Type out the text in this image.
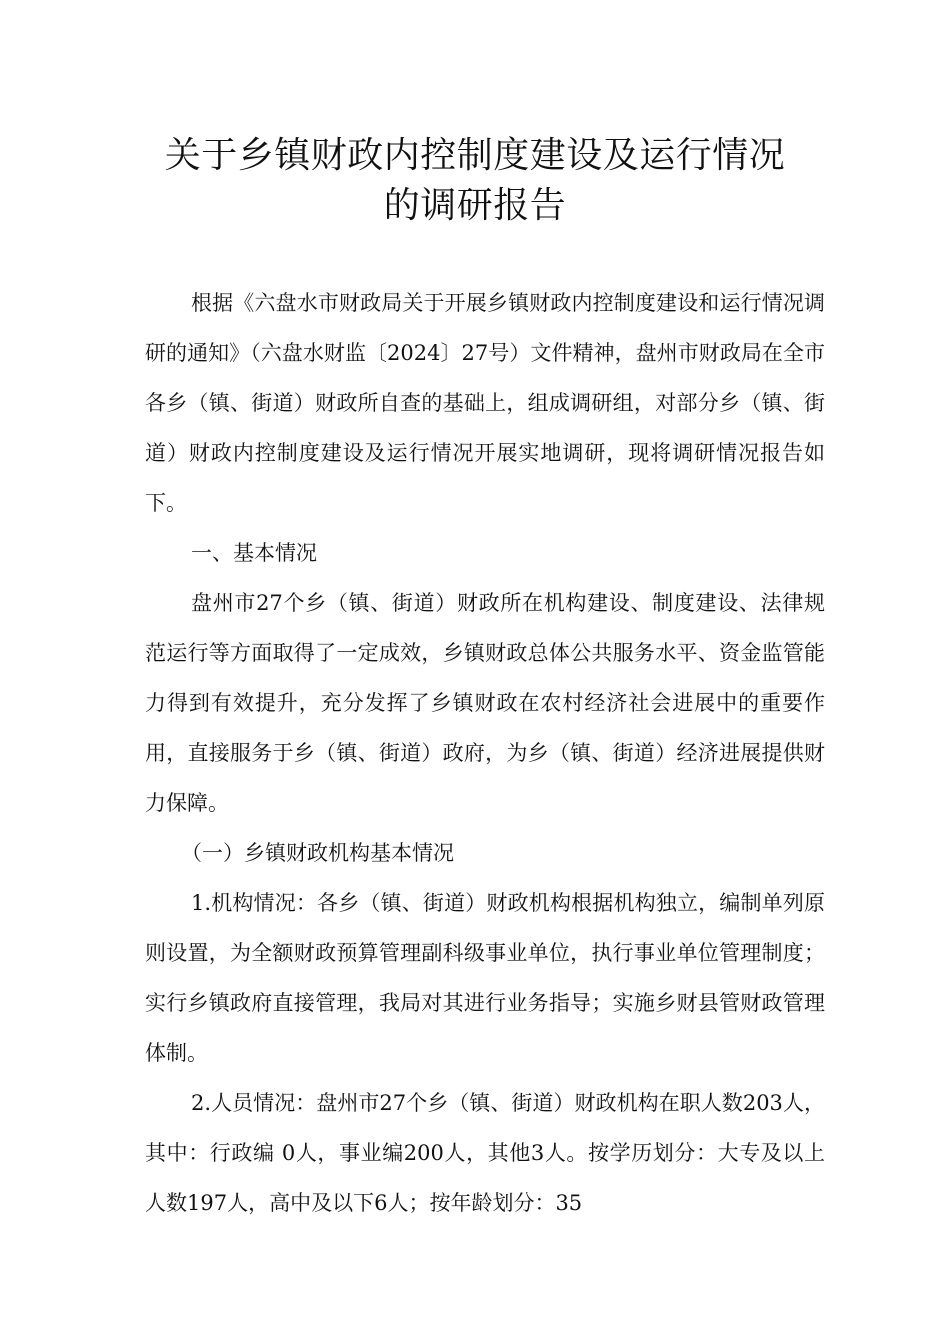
关于乡镇财政内控制度建设及运行情况
的调研报告

根据《六盘水市财政局关于开展乡镇财政内控制度建设和运行情况调研的通知》（六盘水财监〔2024〕27号）文件精神，盘州市财政局在全市各乡（镇、街道）财政所自查的基础上，组成调研组，对部分乡（镇、街道）财政内控制度建设及运行情况开展实地调研，现将调研情况报告如下。

一、基本情况

盘州市27个乡（镇、街道）财政所在机构建设、制度建设、法律规范运行等方面取得了一定成效，乡镇财政总体公共服务水平、资金监管能力得到有效提升，充分发挥了乡镇财政在农村经济社会进展中的重要作用，直接服务于乡（镇、街道）政府，为乡（镇、街道）经济进展提供财力保障。

（一）乡镇财政机构基本情况

1.机构情况：各乡（镇、街道）财政机构根据机构独立，编制单列原则设置，为全额财政预算管理副科级事业单位，执行事业单位管理制度；实行乡镇政府直接管理，我局对其进行业务指导；实施乡财县管财政管理体制。

2.人员情况：盘州市27个乡（镇、街道）财政机构在职人数203人，其中：行政编 0人，事业编200人，其他3人。按学历划分：大专及以上人数197人，高中及以下6人；按年龄划分：35
